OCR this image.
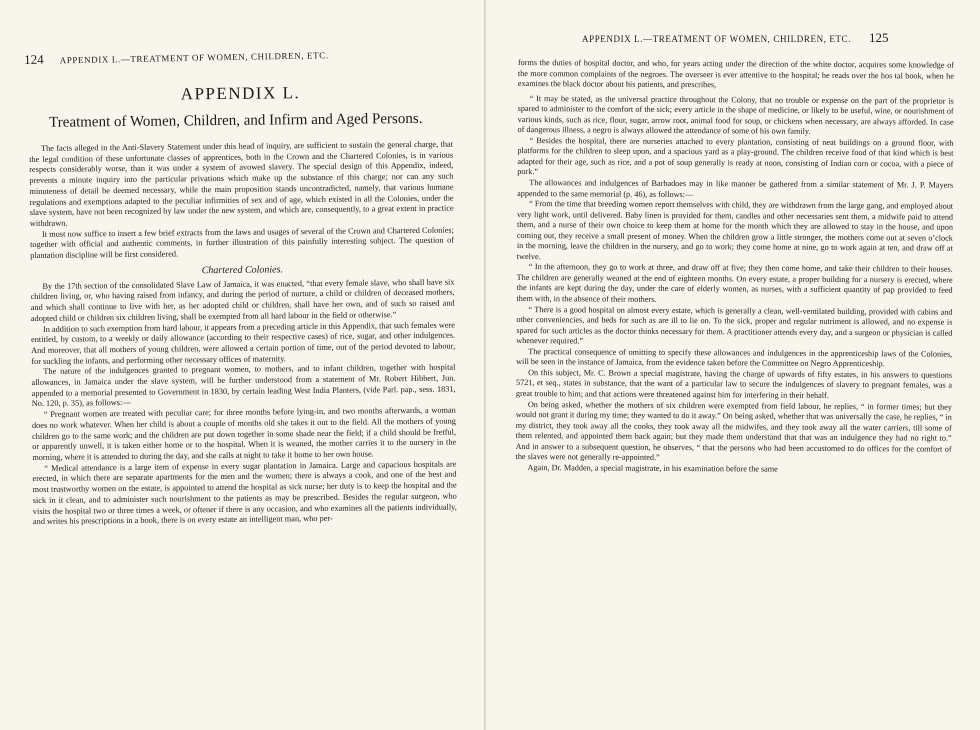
124 APPENDIX L.—TREATMENT OF WOMEN, CHILDREN, ETC.
APPENDIX L.
Treatment of Women, Children, and Infirm and Aged Persons.

The facts alleged in the Anti-Slavery Statement under this head of inquiry, are sufficient to sustain the general charge, that the legal condition of these unfortunate classes of apprentices, both in the Crown and the Chartered Colonies, is in various respects considerably worse, than it was under a system of avowed slavery. The special design of this Appendix, indeed, prevents a minute inquiry into the particular privations which make up the substance of this charge; nor can any such minuteness of detail be deemed necessary, while the main proposition stands uncontradicted, namely, that various humane regulations and exemptions adapted to the peculiar infirmities of sex and of age, which existed in all the Colonies, under the slave system, have not been recognized by law under the new system, and which are, consequently, to a great extent in practice withdrawn.

It must now suffice to insert a few brief extracts from the laws and usages of several of the Crown and Chartered Colonies; together with official and authentic comments, in further illustration of this painfully interesting subject. The question of plantation discipline will be first considered.

Chartered Colonies.

By the 17th section of the consolidated Slave Law of Jamaica, it was enacted, “that every female slave, who shall have six children living, or, who having raised from infancy, and during the period of nurture, a child or children of deceased mothers, and which shall continue to live with her, as her adopted child or children, shall have her own, and of such so raised and adopted child or children six children living, shall be exempted from all hard labour in the field or otherwise.”

In addition to such exemption from hard labour, it appears from a preceding article in this Appendix, that such females were entitled, by custom, to a weekly or daily allowance (according to their respective cases) of rice, sugar, and other indulgences. And moreover, that all mothers of young children, were allowed a certain portion of time, out of the period devoted to labour, for suckling the infants, and performing other necessary offices of maternity.

The nature of the indulgences granted to pregnant women, to mothers, and to infant children, together with hospital allowances, in Jamaica under the slave system, will be further understood from a statement of Mr. Robert Hibbert, Jun. appended to a memorial presented to Government in 1830, by certain leading West India Planters, (vide Parl. pap., sess. 1831, No. 120, p. 35), as follows:—

“ Pregnant women are treated with peculiar care; for three months before lying-in, and two months afterwards, a woman does no work whatever. When her child is about a couple of months old she takes it out to the field. All the mothers of young children go to the same work; and the children are put down together in some shade near the field; if a child should be fretful, or apparently unwell, it is taken either home or to the hospital. When it is weaned, the mother carries it to the nursery in the morning, where it is attended to during the day, and she calls at night to take it home to her own house.

“ Medical attendance is a large item of expense in every sugar plantation in Jamaica. Large and capacious hospitals are erected, in which there are separate apartments for the men and the women; there is always a cook, and one of the best and most trustworthy women on the estate, is appointed to attend the hospital as sick nurse; her duty is to keep the hospital and the sick in it clean, and to administer such nourishment to the patients as may be prescribed. Besides the regular surgeon, who visits the hospital two or three times a week, or oftener if there is any occasion, and who examines all the patients individually, and writes his prescriptions in a book, there is on every estate an intelligent man, who per-

APPENDIX L.—TREATMENT OF WOMEN, CHILDREN, ETC. 125

forms the duties of hospital doctor, and who, for years acting under the direction of the white doctor, acquires some knowledge of the more common complaints of the negroes. The overseer is ever attentive to the hospital; he reads over the hos tal book, when he examines the black doctor about his patients, and prescribes,

“ It may be stated, as the universal practice throughout the Colony, that no trouble or expense on the part of the proprietor is spared to administer to the comfort of the sick; every article in the shape of medicine, or likely to be useful, wine, or nourishment of various kinds, such as rice, flour, sugar, arrow root, animal food for soup, or chickens when necessary, are always afforded. In case of dangerous illness, a negro is always allowed the attendance of some of his own family.

“ Besides the hospital, there are nurseries attached to every plantation, consisting of neat buildings on a ground floor, with platforms for the children to sleep upon, and a spacious yard as a play-ground. The children receive food of that kind which is best adapted for their age, such as rice, and a pot of soup generally is ready at noon, consisting of Indian corn or cocoa, with a piece of pork.”

The allowances and indulgences of Barbadoes may in like manner be gathered from a similar statement of Mr. J. P. Mayers appended to the same memorial (p. 46), as follows:—

“ From the time that breeding women report themselves with child, they are withdrawn from the large gang, and employed about very light work, until delivered. Baby linen is provided for them, candles and other necessaries sent them, a midwife paid to attend them, and a nurse of their own choice to keep them at home for the month which they are allowed to stay in the house, and upon coming out, they receive a small present of money. When the children grow a little stronger, the mothers come out at seven o’clock in the morning, leave the children in the nursery, and go to work; they come home at nine, go to work again at ten, and draw off at twelve.

“ In the afternoon, they go to work at three, and draw off at five; they then come home, and take their children to their houses. The children are generally weaned at the end of eighteen months. On every estate, a proper building for a nursery is erected, where the infants are kept during the day, under the care of elderly women, as nurses, with a sufficient quantity of pap provided to feed them with, in the absence of their mothers.

“ There is a good hospital on almost every estate, which is generally a clean, well-ventilated building, provided with cabins and other conveniencies, and beds for such as are ill to lie on. To the sick, proper and regular nutriment is allowed, and no expense is spared for such articles as the doctor thinks necessary for them. A practitioner attends every day, and a surgeon or physician is called whenever required.”

The practical consequence of omitting to specify these allowances and indulgences in the apprenticeship laws of the Colonies, will be seen in the instance of Jamaica, from the evidence taken before the Committee on Negro Apprenticeship.

On this subject, Mr. C. Brown a special magistrate, having the charge of upwards of fifty estates, in his answers to questions 5721, et seq., states in substance, that the want of a particular law to secure the indulgences of slavery to pregnant females, was a great trouble to him; and that actions were threatened against him for interfering in their behalf.

On being asked, whether the mothers of six children were exempted from field labour, he replies, “ in former times; but they would not grant it during my time; they wanted to do it away.” On being asked, whether that was universally the case, he replies, “ in my district, they took away all the cooks, they took away all the midwifes, and they took away all the water carriers, till some of them relented, and appointed them back again; but they made them understand that that was an indulgence they had no right to.” And in answer to a subsequent question, he observes, “ that the persons who had been accustomed to do offices for the comfort of the slaves were not generally re-appointed.”

Again, Dr. Madden, a special magistrate, in his examination before the same
